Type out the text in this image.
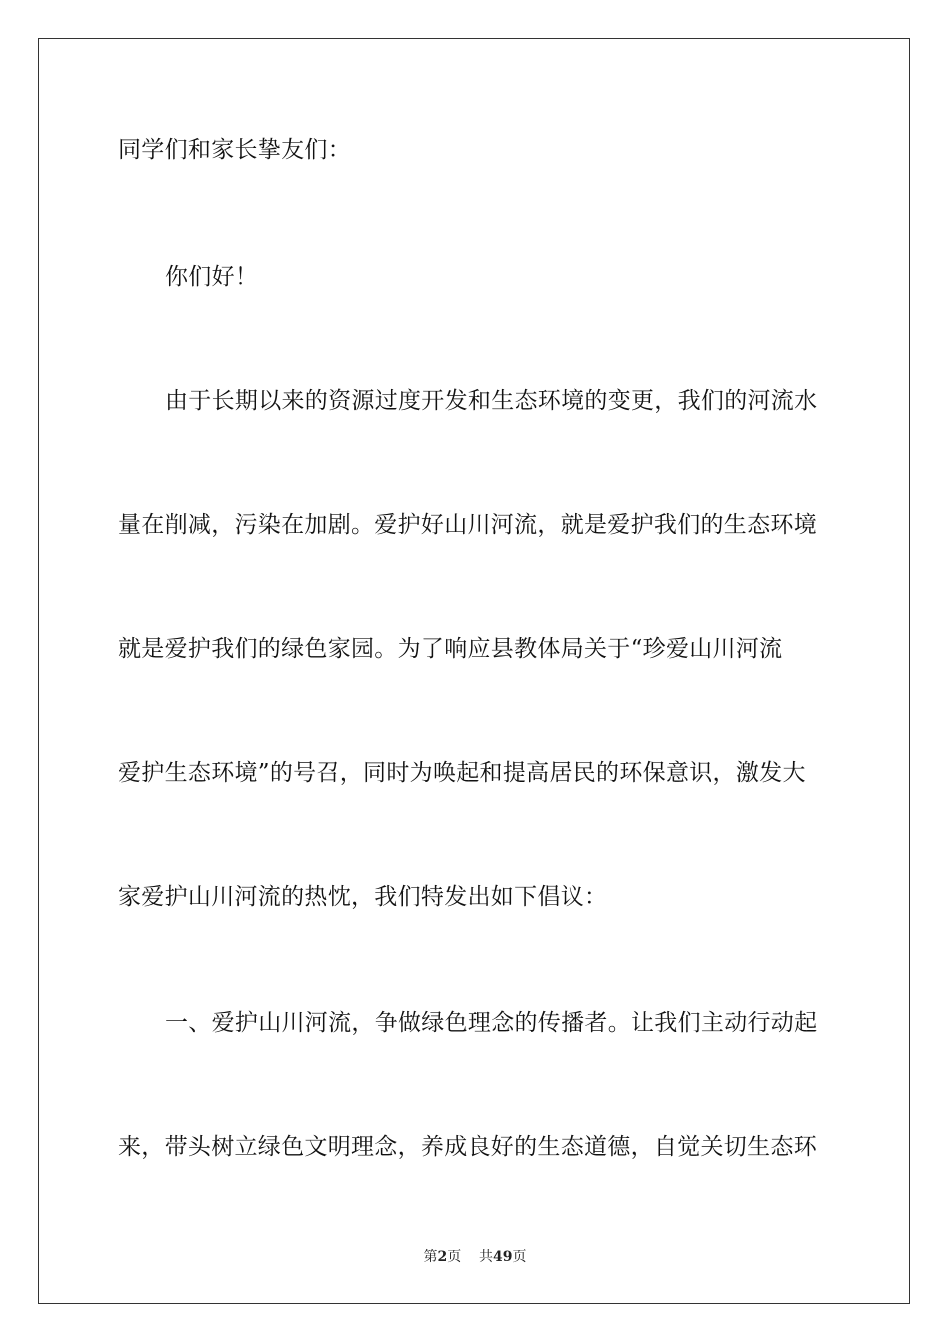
同学们和家长挚友们：
你们好！
由于长期以来的资源过度开发和生态环境的变更，我们的河流水
量在削减，污染在加剧。爱护好山川河流，就是爱护我们的生态环境
就是爱护我们的绿色家园。为了响应县教体局关于“珍爱山川河流
爱护生态环境”的号召，同时为唤起和提高居民的环保意识，激发大
家爱护山川河流的热忱，我们特发出如下倡议：
一、爱护山川河流，争做绿色理念的传播者。让我们主动行动起
来，带头树立绿色文明理念，养成良好的生态道德，自觉关切生态环
第2页 共49页
